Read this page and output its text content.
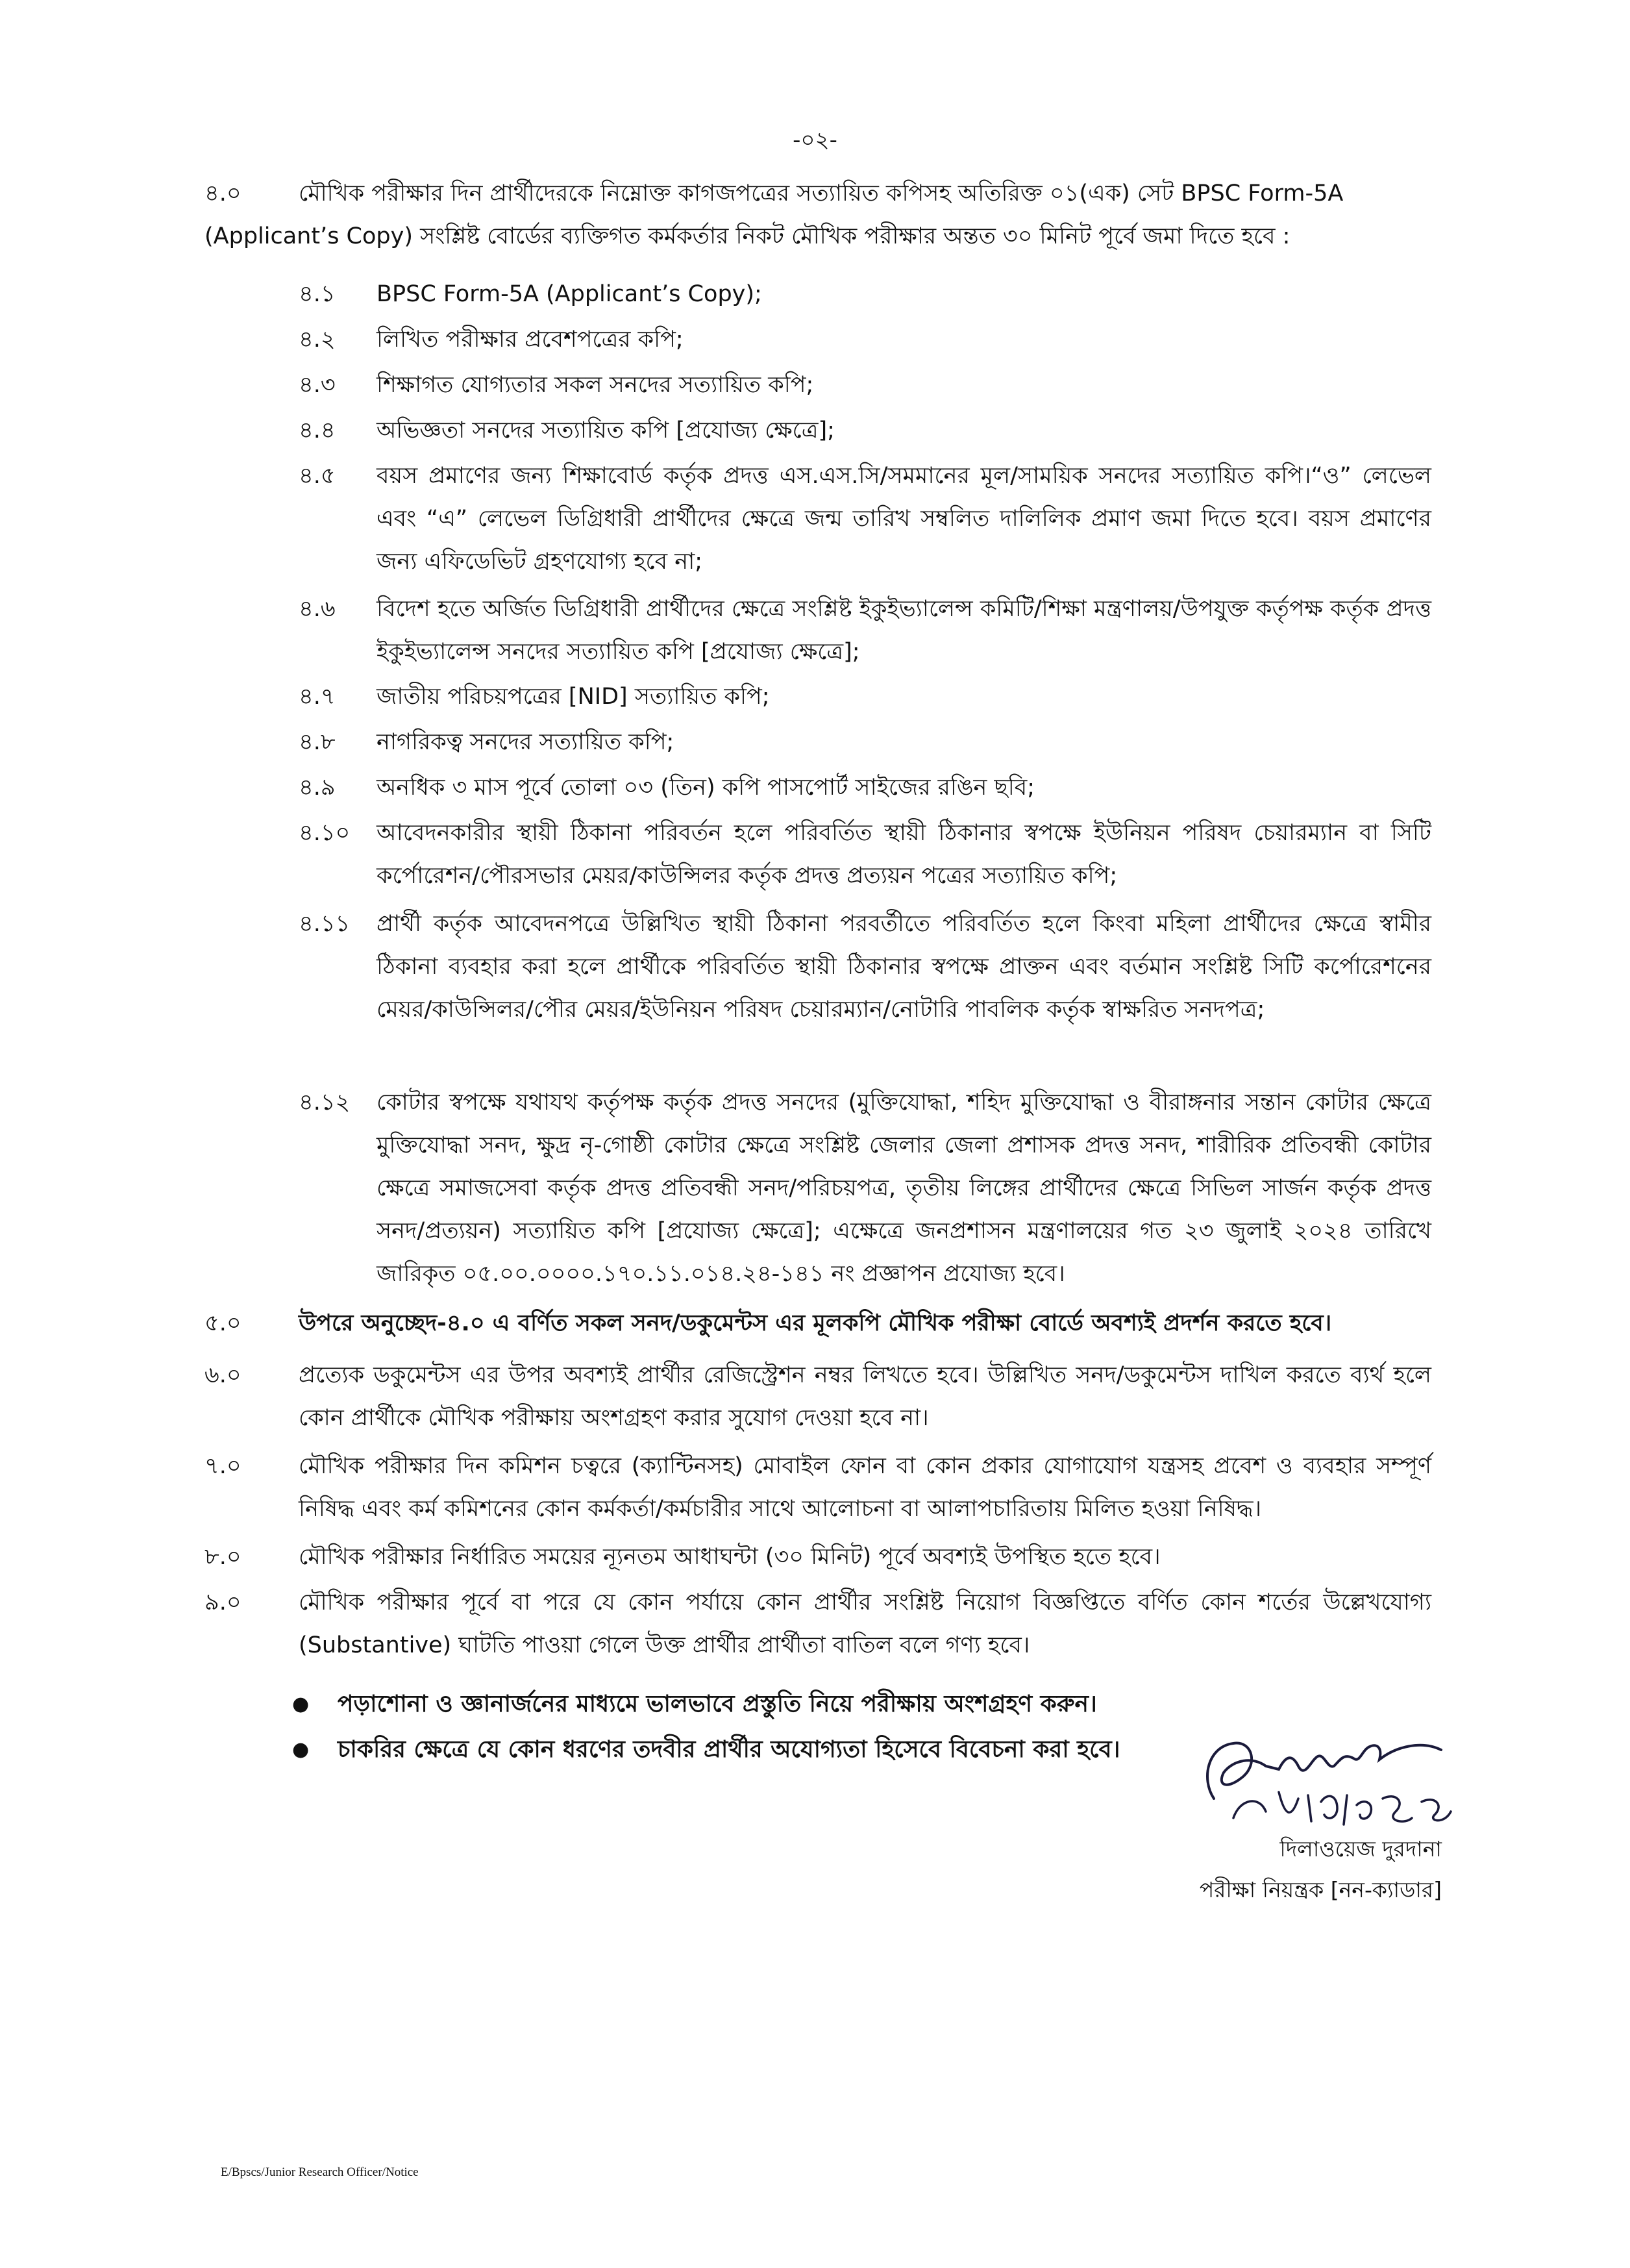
-০২-
৪.০	মৌখিক পরীক্ষার দিন প্রার্থীদেরকে নিম্নোক্ত কাগজপত্রের সত্যায়িত কপিসহ অতিরিক্ত ০১(এক) সেট BPSC Form-5A
(Applicant’s Copy) সংশ্লিষ্ট বোর্ডের ব্যক্তিগত কর্মকর্তার নিকট মৌখিক পরীক্ষার অন্তত ৩০ মিনিট পূর্বে জমা দিতে হবে :
৪.১ BPSC Form-5A (Applicant’s Copy);
৪.২ লিখিত পরীক্ষার প্রবেশপত্রের কপি;
৪.৩ শিক্ষাগত যোগ্যতার সকল সনদের সত্যায়িত কপি;
৪.৪ অভিজ্ঞতা সনদের সত্যায়িত কপি [প্রযোজ্য ক্ষেত্রে];
৪.৫ বয়স প্রমাণের জন্য শিক্ষাবোর্ড কর্তৃক প্রদত্ত এস.এস.সি/সমমানের মূল/সাময়িক সনদের সত্যায়িত কপি।“ও” লেভেল এবং “এ” লেভেল ডিগ্রিধারী প্রার্থীদের ক্ষেত্রে জন্ম তারিখ সম্বলিত দালিলিক প্রমাণ জমা দিতে হবে। বয়স প্রমাণের জন্য এফিডেভিট গ্রহণযোগ্য হবে না;
৪.৬ বিদেশ হতে অর্জিত ডিগ্রিধারী প্রার্থীদের ক্ষেত্রে সংশ্লিষ্ট ইকুইভ্যালেন্স কমিটি/শিক্ষা মন্ত্রণালয়/উপযুক্ত কর্তৃপক্ষ কর্তৃক প্রদত্ত ইকুইভ্যালেন্স সনদের সত্যায়িত কপি [প্রযোজ্য ক্ষেত্রে];
৪.৭ জাতীয় পরিচয়পত্রের [NID] সত্যায়িত কপি;
৪.৮ নাগরিকত্ব সনদের সত্যায়িত কপি;
৪.৯ অনধিক ৩ মাস পূর্বে তোলা ০৩ (তিন) কপি পাসপোর্ট সাইজের রঙিন ছবি;
৪.১০ আবেদনকারীর স্থায়ী ঠিকানা পরিবর্তন হলে পরিবর্তিত স্থায়ী ঠিকানার স্বপক্ষে ইউনিয়ন পরিষদ চেয়ারম্যান বা সিটি কর্পোরেশন/পৌরসভার মেয়র/কাউন্সিলর কর্তৃক প্রদত্ত প্রত্যয়ন পত্রের সত্যায়িত কপি;
৪.১১ প্রার্থী কর্তৃক আবেদনপত্রে উল্লিখিত স্থায়ী ঠিকানা পরবর্তীতে পরিবর্তিত হলে কিংবা মহিলা প্রার্থীদের ক্ষেত্রে স্বামীর ঠিকানা ব্যবহার করা হলে প্রার্থীকে পরিবর্তিত স্থায়ী ঠিকানার স্বপক্ষে প্রাক্তন এবং বর্তমান সংশ্লিষ্ট সিটি কর্পোরেশনের মেয়র/কাউন্সিলর/পৌর মেয়র/ইউনিয়ন পরিষদ চেয়ারম্যান/নোটারি পাবলিক কর্তৃক স্বাক্ষরিত সনদপত্র;
৪.১২ কোটার স্বপক্ষে যথাযথ কর্তৃপক্ষ কর্তৃক প্রদত্ত সনদের (মুক্তিযোদ্ধা, শহিদ মুক্তিযোদ্ধা ও বীরাঙ্গনার সন্তান কোটার ক্ষেত্রে মুক্তিযোদ্ধা সনদ, ক্ষুদ্র নৃ-গোষ্ঠী কোটার ক্ষেত্রে সংশ্লিষ্ট জেলার জেলা প্রশাসক প্রদত্ত সনদ, শারীরিক প্রতিবন্ধী কোটার ক্ষেত্রে সমাজসেবা কর্তৃক প্রদত্ত প্রতিবন্ধী সনদ/পরিচয়পত্র, তৃতীয় লিঙ্গের প্রার্থীদের ক্ষেত্রে সিভিল সার্জন কর্তৃক প্রদত্ত সনদ/প্রত্যয়ন) সত্যায়িত কপি [প্রযোজ্য ক্ষেত্রে]; এক্ষেত্রে জনপ্রশাসন মন্ত্রণালয়ের গত ২৩ জুলাই ২০২৪ তারিখে জারিকৃত ০৫.০০.০০০০.১৭০.১১.০১৪.২৪-১৪১ নং প্রজ্ঞাপন প্রযোজ্য হবে।
৫.০	উপরে অনুচ্ছেদ-৪.০ এ বর্ণিত সকল সনদ/ডকুমেন্টস এর মূলকপি মৌখিক পরীক্ষা বোর্ডে অবশ্যই প্রদর্শন করতে হবে।
৬.০	প্রত্যেক ডকুমেন্টস এর উপর অবশ্যই প্রার্থীর রেজিস্ট্রেশন নম্বর লিখতে হবে। উল্লিখিত সনদ/ডকুমেন্টস দাখিল করতে ব্যর্থ হলে কোন প্রার্থীকে মৌখিক পরীক্ষায় অংশগ্রহণ করার সুযোগ দেওয়া হবে না।
৭.০	মৌখিক পরীক্ষার দিন কমিশন চত্বরে (ক্যান্টিনসহ) মোবাইল ফোন বা কোন প্রকার যোগাযোগ যন্ত্রসহ প্রবেশ ও ব্যবহার সম্পূর্ণ নিষিদ্ধ এবং কর্ম কমিশনের কোন কর্মকর্তা/কর্মচারীর সাথে আলোচনা বা আলাপচারিতায় মিলিত হওয়া নিষিদ্ধ।
৮.০	মৌখিক পরীক্ষার নির্ধারিত সময়ের ন্যূনতম আধাঘন্টা (৩০ মিনিট) পূর্বে অবশ্যই উপস্থিত হতে হবে।
৯.০	মৌখিক পরীক্ষার পূর্বে বা পরে যে কোন পর্যায়ে কোন প্রার্থীর সংশ্লিষ্ট নিয়োগ বিজ্ঞপ্তিতে বর্ণিত কোন শর্তের উল্লেখযোগ্য (Substantive) ঘাটতি পাওয়া গেলে উক্ত প্রার্থীর প্রার্থীতা বাতিল বলে গণ্য হবে।
● পড়াশোনা ও জ্ঞানার্জনের মাধ্যমে ভালভাবে প্রস্তুতি নিয়ে পরীক্ষায় অংশগ্রহণ করুন।
● চাকরির ক্ষেত্রে যে কোন ধরণের তদবীর প্রার্থীর অযোগ্যতা হিসেবে বিবেচনা করা হবে।
দিলাওয়েজ দুরদানা
পরীক্ষা নিয়ন্ত্রক [নন-ক্যাডার]
E/Bpscs/Junior Research Officer/Notice
